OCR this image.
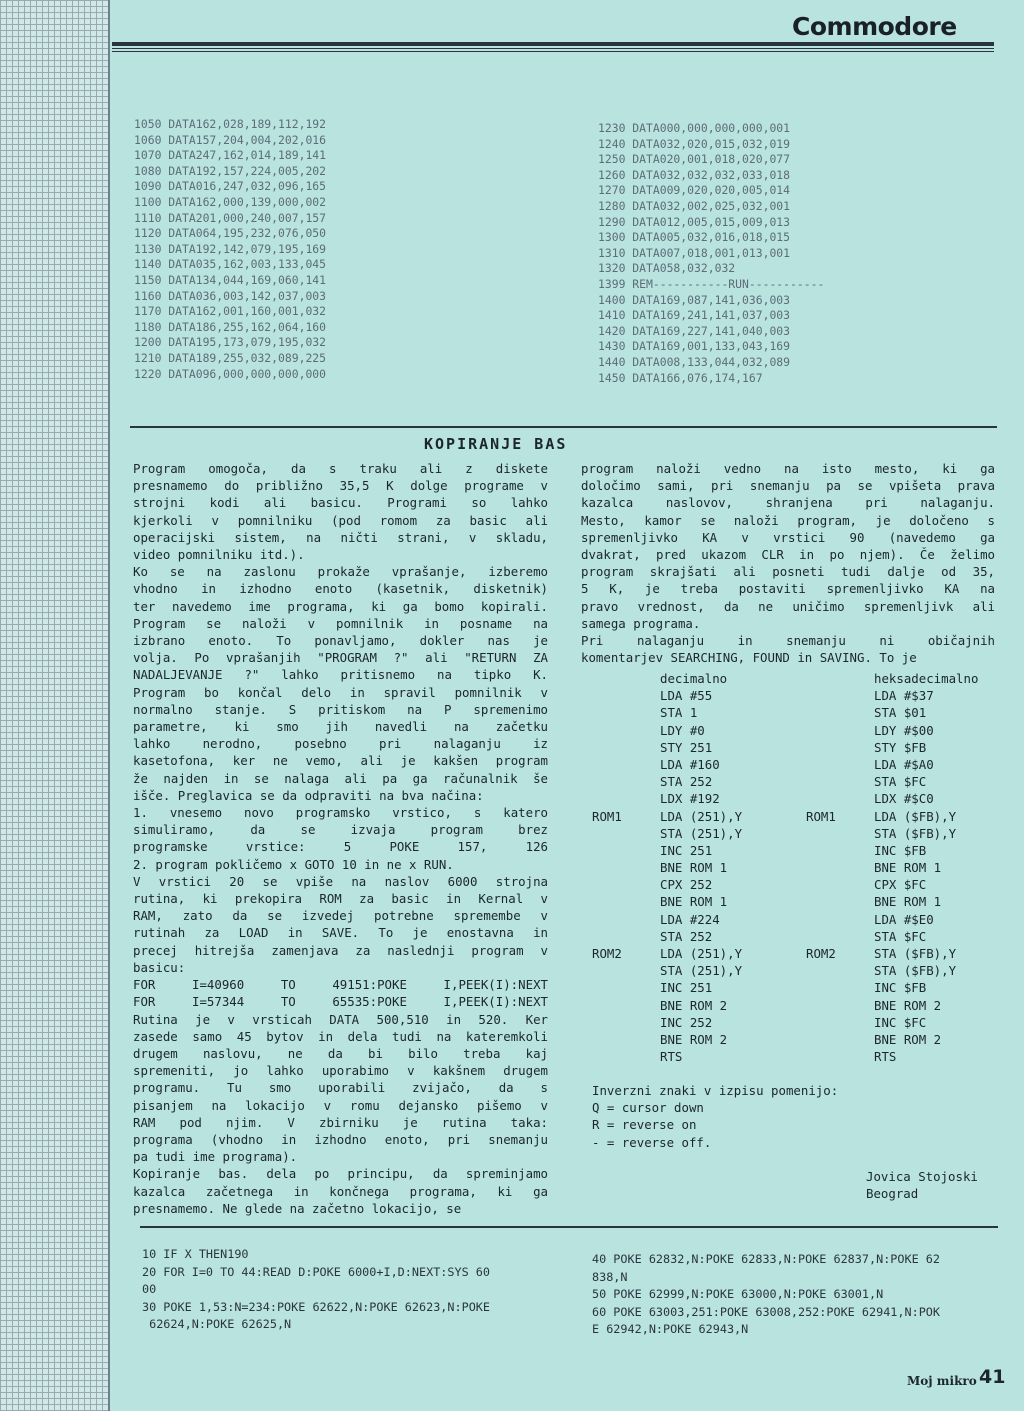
Commodore
1050 DATA162,028,189,112,192
1060 DATA157,204,004,202,016
1070 DATA247,162,014,189,141
1080 DATA192,157,224,005,202
1090 DATA016,247,032,096,165
1100 DATA162,000,139,000,002
1110 DATA201,000,240,007,157
1120 DATA064,195,232,076,050
1130 DATA192,142,079,195,169
1140 DATA035,162,003,133,045
1150 DATA134,044,169,060,141
1160 DATA036,003,142,037,003
1170 DATA162,001,160,001,032
1180 DATA186,255,162,064,160
1200 DATA195,173,079,195,032
1210 DATA189,255,032,089,225
1220 DATA096,000,000,000,000
1230 DATA000,000,000,000,001
1240 DATA032,020,015,032,019
1250 DATA020,001,018,020,077
1260 DATA032,032,032,033,018
1270 DATA009,020,020,005,014
1280 DATA032,002,025,032,001
1290 DATA012,005,015,009,013
1300 DATA005,032,016,018,015
1310 DATA007,018,001,013,001
1320 DATA058,032,032
1399 REM-----------RUN-----------
1400 DATA169,087,141,036,003
1410 DATA169,241,141,037,003
1420 DATA169,227,141,040,003
1430 DATA169,001,133,043,169
1440 DATA008,133,044,032,089
1450 DATA166,076,174,167
KOPIRANJE BAS

Program omogoča, da s traku ali z diskete

presnamemo do približno 35,5 K dolge programe v

strojni kodi ali basicu. Programi so lahko

kjerkoli v pomnilniku (pod romom za basic ali

operacijski sistem, na ničti strani, v skladu,

video pomnilniku itd.).

Ko se na zaslonu prokaže vprašanje, izberemo

vhodno in izhodno enoto (kasetnik, disketnik)

ter navedemo ime programa, ki ga bomo kopirali.

Program se naloži v pomnilnik in posname na

izbrano enoto. To ponavljamo, dokler nas je

volja. Po vprašanjih "PROGRAM ?" ali "RETURN ZA

NADALJEVANJE ?" lahko pritisnemo na tipko K.

Program bo končal delo in spravil pomnilnik v

normalno stanje. S pritiskom na P spremenimo

parametre, ki smo jih navedli na začetku

lahko nerodno, posebno pri nalaganju iz

kasetofona, ker ne vemo, ali je kakšen program

že najden in se nalaga ali pa ga računalnik še

išče. Preglavica se da odpraviti na bva načina:

1. vnesemo novo programsko vrstico, s katero

simuliramo, da se izvaja program brez

programske vrstice: 5 POKE 157, 126

2. program pokličemo x GOTO 10 in ne x RUN.

V vrstici 20 se vpiše na naslov 6000 strojna

rutina, ki prekopira ROM za basic in Kernal v

RAM, zato da se izvedej potrebne spremembe v

rutinah za LOAD in SAVE. To je enostavna in

precej hitrejša zamenjava za naslednji program v

basicu:

FOR I=40960 TO 49151:POKE I,PEEK(I):NEXT

FOR I=57344 TO 65535:POKE I,PEEK(I):NEXT

Rutina je v vrsticah DATA 500,510 in 520. Ker

zasede samo 45 bytov in dela tudi na kateremkoli

drugem naslovu, ne da bi bilo treba kaj

spremeniti, jo lahko uporabimo v kakšnem drugem

programu. Tu smo uporabili zvijačo, da s

pisanjem na lokacijo v romu dejansko pišemo v

RAM pod njim. V zbirniku je rutina taka:

programa (vhodno in izhodno enoto, pri snemanju

pa tudi ime programa).

Kopiranje bas. dela po principu, da spreminjamo

kazalca začetnega in končnega programa, ki ga

presnamemo. Ne glede na začetno lokacijo, se

program naloži vedno na isto mesto, ki ga

določimo sami, pri snemanju pa se vpišeta prava

kazalca naslovov, shranjena pri nalaganju.

Mesto, kamor se naloži program, je določeno s

spremenljivko KA v vrstici 90 (navedemo ga

dvakrat, pred ukazom CLR in po njem). Če želimo

program skrajšati ali posneti tudi dalje od 35,

5 K, je treba postaviti spremenljivko KA na

pravo vrednost, da ne uničimo spremenljivk ali

samega programa.

Pri nalaganju in snemanju ni običajnih

komentarjev SEARCHING, FOUND in SAVING. To je

decimalno	heksadecimalno
LDA #55	LDA #$37
STA 1	STA $01
LDY #0	LDY #$00
STY 251	STY $FB
LDA #160	LDA #$A0
STA 252	STA $FC
LDX #192	LDX #$C0
ROM1	LDA (251),Y	ROM1	LDA ($FB),Y
STA (251),Y	STA ($FB),Y
INC 251	INC $FB
BNE ROM 1	BNE ROM 1
CPX 252	CPX $FC
BNE ROM 1	BNE ROM 1
LDA #224	LDA #$E0
STA 252	STA $FC
ROM2	LDA (251),Y	ROM2	STA ($FB),Y
STA (251),Y	STA ($FB),Y
INC 251	INC $FB
BNE ROM 2	BNE ROM 2
INC 252	INC $FC
BNE ROM 2	BNE ROM 2
RTS	RTS
Inverzni znaki v izpisu pomenijo:
Q = cursor down
R = reverse on
- = reverse off.
Jovica Stojoski
Beograd
10 IF X THEN190
20 FOR I=0 TO 44:READ D:POKE 6000+I,D:NEXT:SYS 60
00
30 POKE 1,53:N=234:POKE 62622,N:POKE 62623,N:POKE
62624,N:POKE 62625,N
40 POKE 62832,N:POKE 62833,N:POKE 62837,N:POKE 62
838,N
50 POKE 62999,N:POKE 63000,N:POKE 63001,N
60 POKE 63003,251:POKE 63008,252:POKE 62941,N:POK
E 62942,N:POKE 62943,N
Moj mikro 41
